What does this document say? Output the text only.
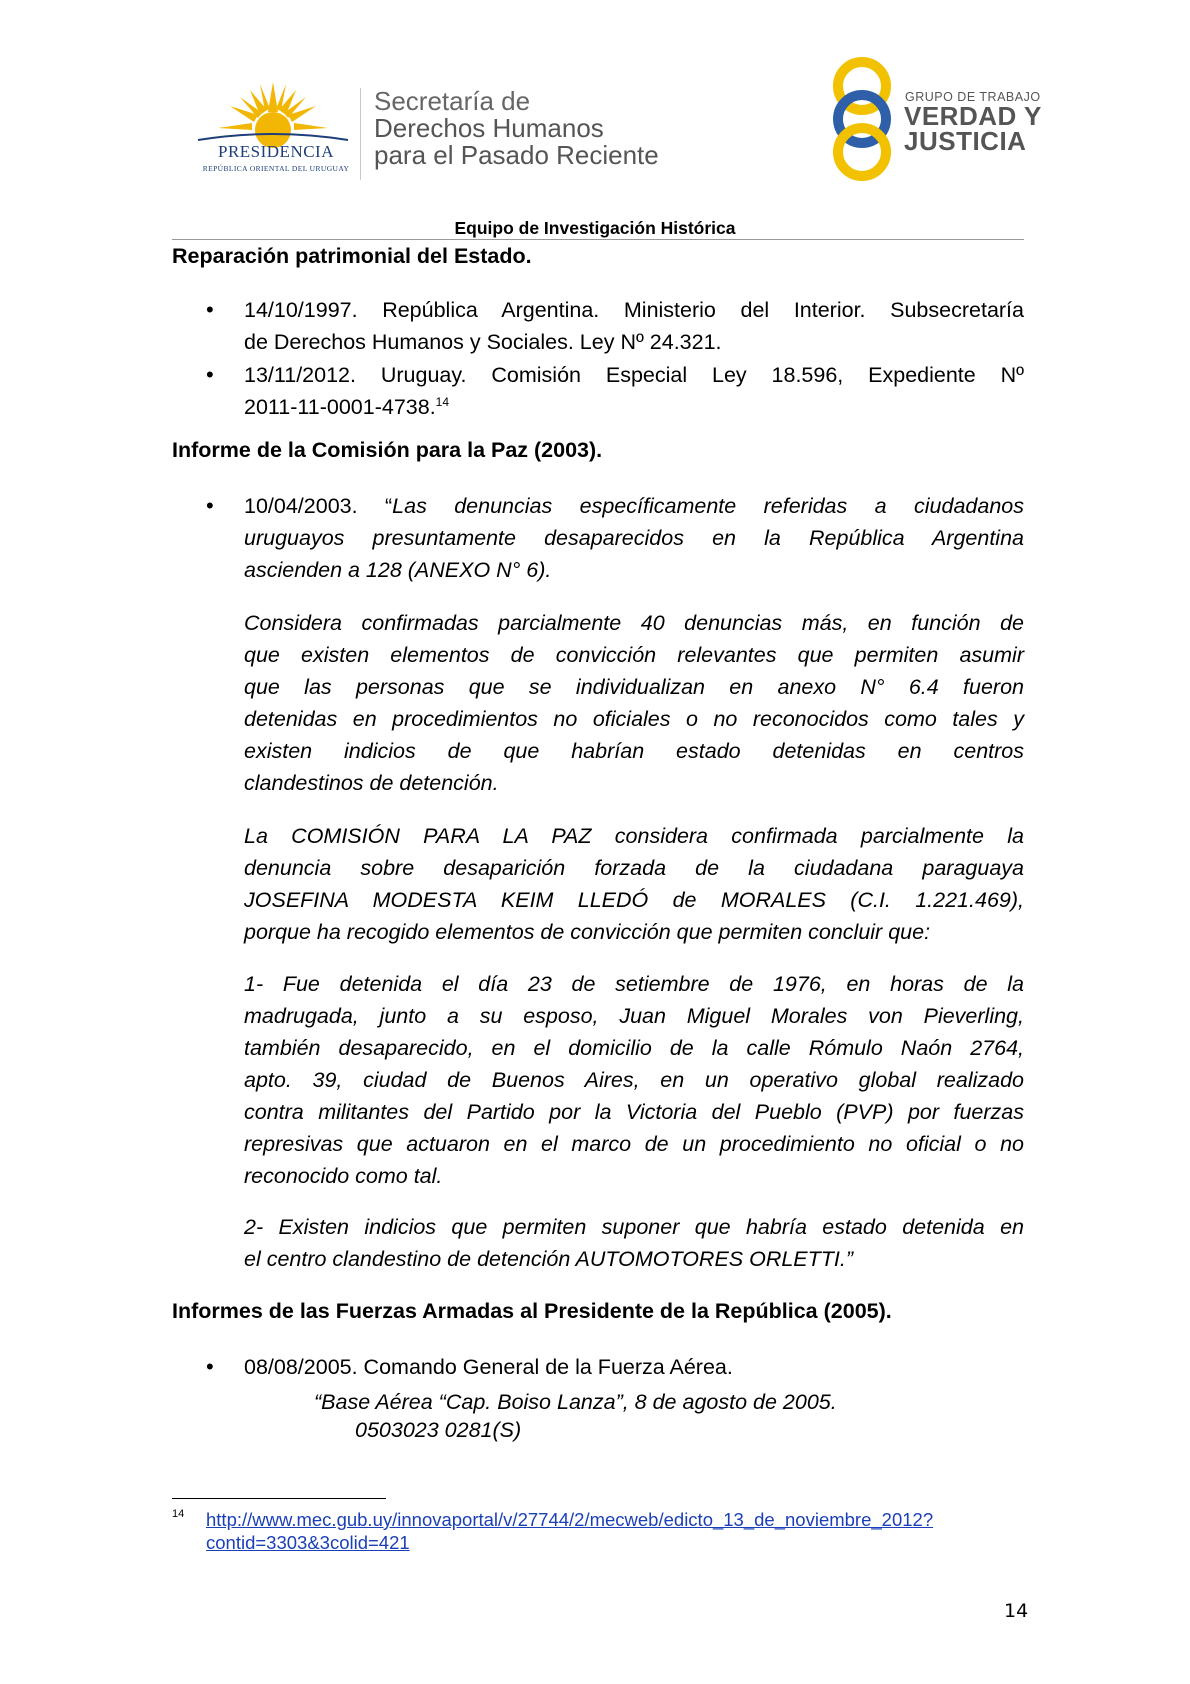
PRESIDENCIA
REPÚBLICA ORIENTAL DEL URUGUAY
Secretaría de
Derechos Humanos
para el Pasado Reciente
GRUPO DE TRABAJO
VERDAD Y
JUSTICIA
Equipo de Investigación Histórica
Reparación patrimonial del Estado.
• 14/10/1997. República Argentina. Ministerio del Interior. Subsecretaría
de Derechos Humanos y Sociales. Ley Nº 24.321.
• 13/11/2012. Uruguay. Comisión Especial Ley 18.596, Expediente Nº
2011-11-0001-4738.14
Informe de la Comisión para la Paz (2003).
• 10/04/2003. “Las denuncias específicamente referidas a ciudadanos
uruguayos presuntamente desaparecidos en la República Argentina
ascienden a 128 (ANEXO N° 6).
Considera confirmadas parcialmente 40 denuncias más, en función de
que existen elementos de convicción relevantes que permiten asumir
que las personas que se individualizan en anexo N° 6.4 fueron
detenidas en procedimientos no oficiales o no reconocidos como tales y
existen indicios de que habrían estado detenidas en centros
clandestinos de detención.
La COMISIÓN PARA LA PAZ considera confirmada parcialmente la
denuncia sobre desaparición forzada de la ciudadana paraguaya
JOSEFINA MODESTA KEIM LLEDÓ de MORALES (C.I. 1.221.469),
porque ha recogido elementos de convicción que permiten concluir que:
1- Fue detenida el día 23 de setiembre de 1976, en horas de la
madrugada, junto a su esposo, Juan Miguel Morales von Pieverling,
también desaparecido, en el domicilio de la calle Rómulo Naón 2764,
apto. 39, ciudad de Buenos Aires, en un operativo global realizado
contra militantes del Partido por la Victoria del Pueblo (PVP) por fuerzas
represivas que actuaron en el marco de un procedimiento no oficial o no
reconocido como tal.
2- Existen indicios que permiten suponer que habría estado detenida en
el centro clandestino de detención AUTOMOTORES ORLETTI.”
Informes de las Fuerzas Armadas al Presidente de la República (2005).
• 08/08/2005. Comando General de la Fuerza Aérea.
“Base Aérea “Cap. Boiso Lanza”, 8 de agosto de 2005.
0503023 0281(S)
14 http://www.mec.gub.uy/innovaportal/v/27744/2/mecweb/edicto_13_de_noviembre_2012?
contid=3303&3colid=421
14
